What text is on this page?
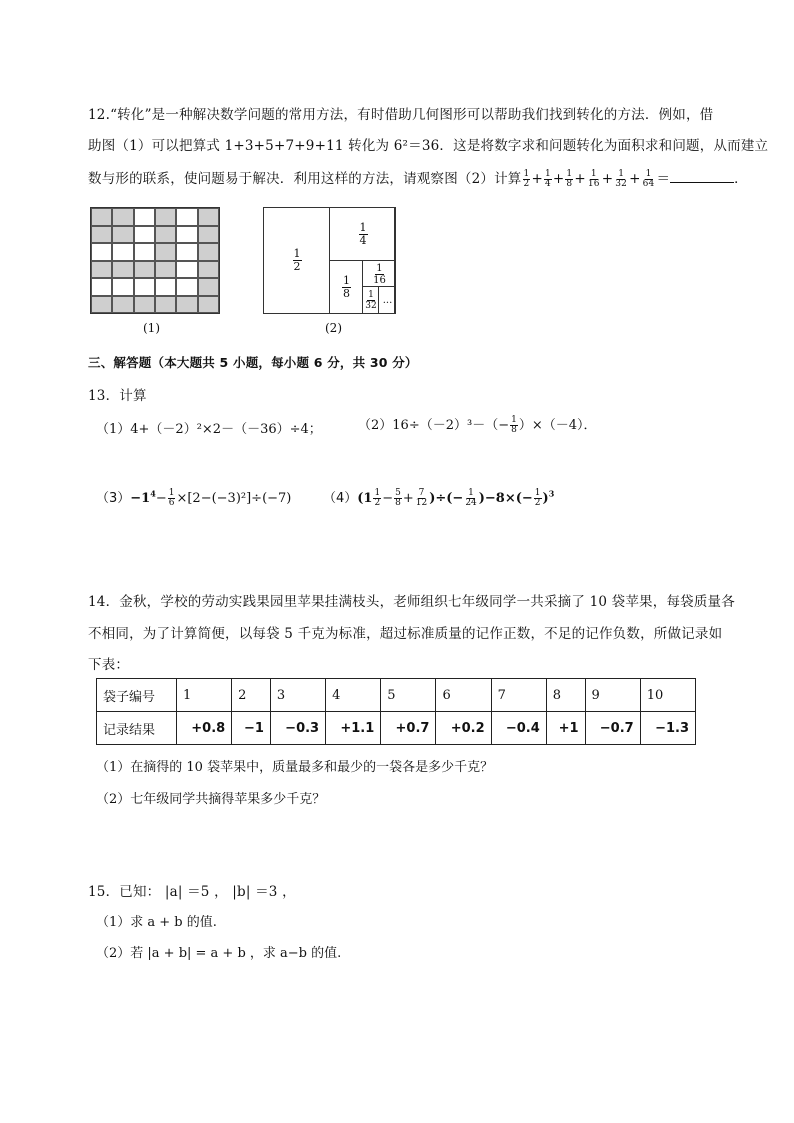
12.“转化”是一种解决数学问题的常用方法，有时借助几何图形可以帮助我们找到转化的方法．例如，借
助图（1）可以把算式 1+3+5+7+9+11 转化为 6²＝36．这是将数字求和问题转化为面积求和问题，从而建立
数与形的联系，使问题易于解决．利用这样的方法，请观察图（2）计算 $\frac{1}{2} + \frac{1}{4} + \frac{1}{8} + \frac{1}{16} + \frac{1}{32} + \frac{1}{64}$ ＝	．
(1)
$\frac{1}{2}$
$\frac{1}{4}$
$\frac{1}{8}$
$\frac{1}{16}$
$\frac{1}{32}$ ...
(2)
三、解答题（本大题共 5 小题，每小题 6 分，共 30 分）
13．计算
（1）4+（－2）²×2－（－36）÷4；	$(2)16\div(-2)^3-(- \frac{1}{8} )\times(-4)$．
$(3)-1^4- \frac{1}{6} \times[2-(-3)^2]\div(-7)$ $(4)(1 \frac{1}{2} - \frac{5}{8} + \frac{7}{12}$ )÷(− $\frac{1}{24} )-8\times(- \frac{1}{2} )^3$
14．金秋，学校的劳动实践果园里苹果挂满枝头，老师组织七年级同学一共采摘了 10 袋苹果，每袋质量各
不相同，为了计算简便，以每袋 5 千克为标准，超过标准质量的记作正数，不足的记作负数，所做记录如
下表：
袋子编号	1	2	3	4	5	6	7	8	9	10
记录结果	+0.8	−1	−0.3	+1.1	+0.7	+0.2	−0.4	+1	−0.7	−1.3
（1）在摘得的 10 袋苹果中，质量最多和最少的一袋各是多少千克？
（2）七年级同学共摘得苹果多少千克？
15．已知： |a| ＝5 ， |b| ＝3 ，
（1）求 a + b 的值.
（2）若 |a + b| = a + b ，求 a−b 的值.
